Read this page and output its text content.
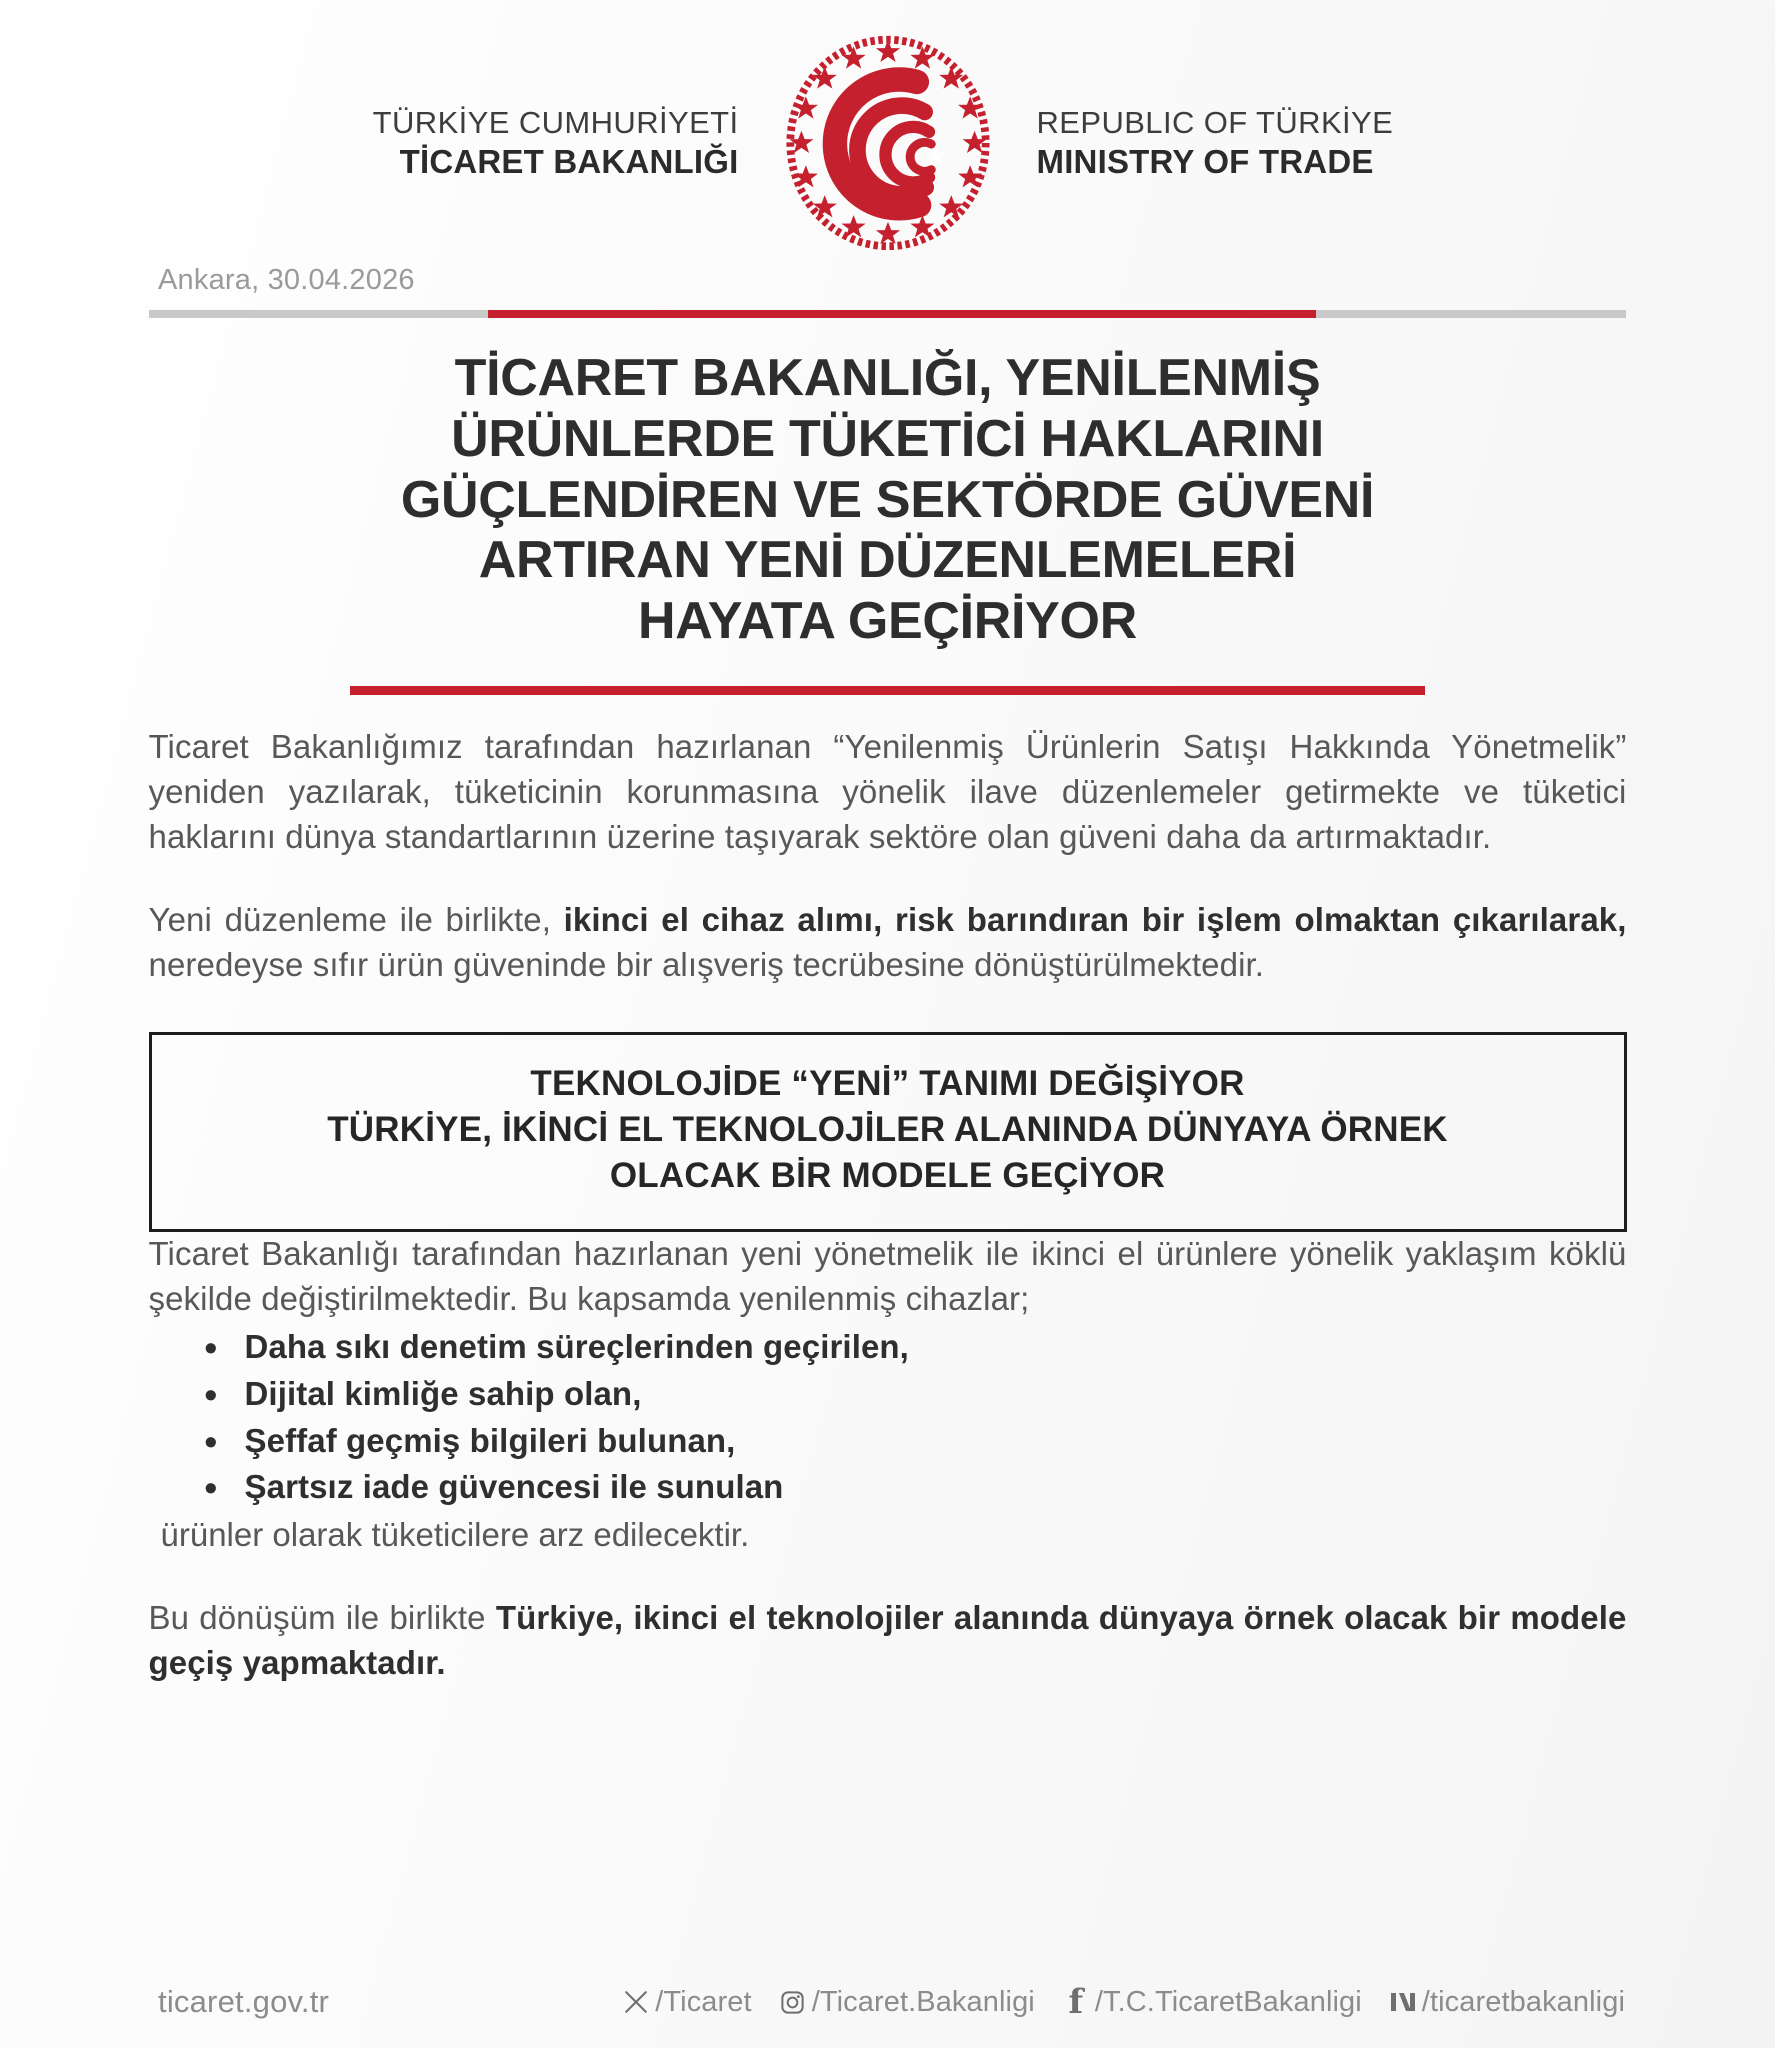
TÜRKİYE CUMHURİYETİ
TİCARET BAKANLIĞI
REPUBLIC OF TÜRKİYE
MINISTRY OF TRADE
Ankara, 30.04.2026
TİCARET BAKANLIĞI, YENİLENMİŞ
ÜRÜNLERDE TÜKETİCİ HAKLARINI
GÜÇLENDİREN VE SEKTÖRDE GÜVENİ
ARTIRAN YENİ DÜZENLEMELERİ
HAYATA GEÇİRİYOR

Ticaret Bakanlığımız tarafından hazırlanan “Yenilenmiş Ürünlerin Satışı Hakkında Yönetmelik” yeniden yazılarak, tüketicinin korunmasına yönelik ilave düzenlemeler getirmekte ve tüketici haklarını dünya standartlarının üzerine taşıyarak sektöre olan güveni daha da artırmaktadır.

Yeni düzenleme ile birlikte, ikinci el cihaz alımı, risk barındıran bir işlem olmaktan çıkarılarak, neredeyse sıfır ürün güveninde bir alışveriş tecrübesine dönüştürülmektedir.

TEKNOLOJİDE “YENİ” TANIMI DEĞİŞİYOR
TÜRKİYE, İKİNCİ EL TEKNOLOJİLER ALANINDA DÜNYAYA ÖRNEK
OLACAK BİR MODELE GEÇİYOR

Ticaret Bakanlığı tarafından hazırlanan yeni yönetmelik ile ikinci el ürünlere yönelik yaklaşım köklü şekilde değiştirilmektedir. Bu kapsamda yenilenmiş cihazlar;

• Daha sıkı denetim süreçlerinden geçirilen,
• Dijital kimliğe sahip olan,
• Şeffaf geçmiş bilgileri bulunan,
• Şartsız iade güvencesi ile sunulan
ürünler olarak tüketicilere arz edilecektir.

Bu dönüşüm ile birlikte Türkiye, ikinci el teknolojiler alanında dünyaya örnek olacak bir modele geçiş yapmaktadır.

ticaret.gov.tr	/Ticaret /Ticaret.Bakanligi f /T.C.TicaretBakanligi /ticaretbakanligi
